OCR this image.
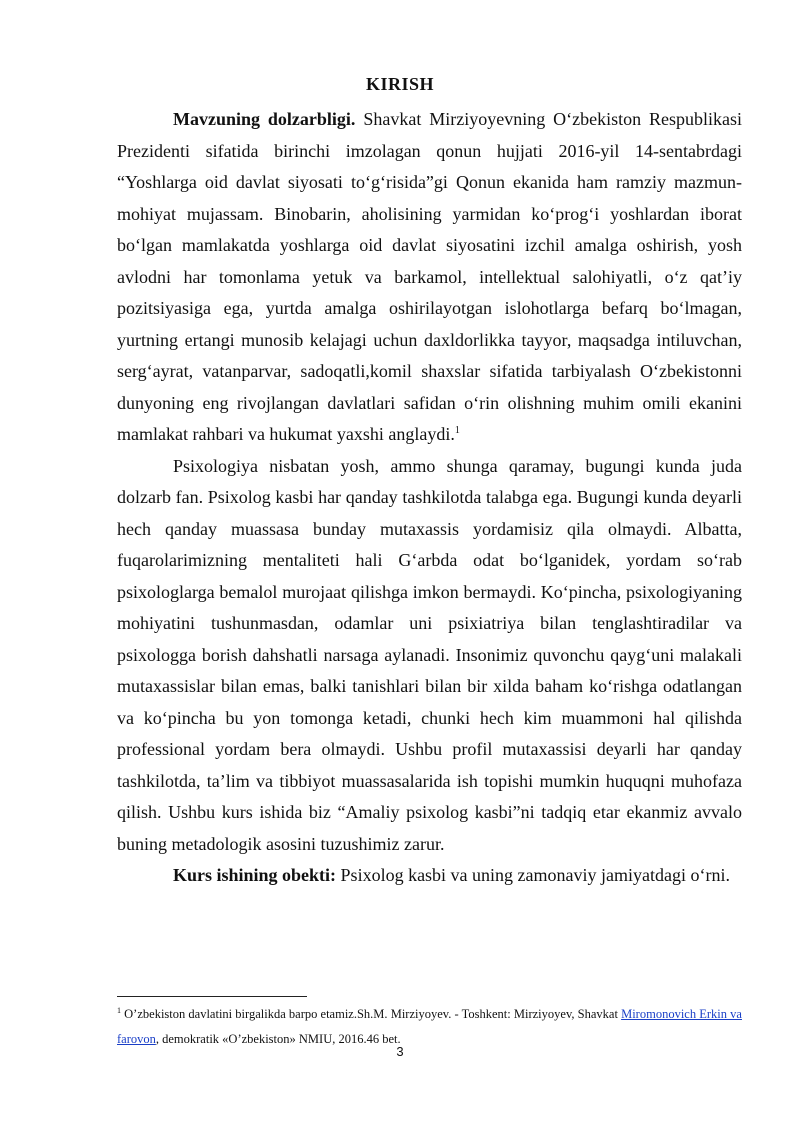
KIRISH

Mavzuning dolzarbligi. Shavkat Mirziyoyevning O‘zbekiston Respublikasi Prezidenti sifatida birinchi imzolagan qonun hujjati 2016-yil 14-sentabrdagi “Yoshlarga oid davlat siyosati to‘g‘risida”gi Qonun ekanida ham ramziy mazmun-mohiyat mujassam. Binobarin, aholisining yarmidan ko‘prog‘i yoshlardan iborat bo‘lgan mamlakatda yoshlarga oid davlat siyosatini izchil amalga oshirish, yosh avlodni har tomonlama yetuk va barkamol, intellektual salohiyatli, o‘z qat’iy pozitsiyasiga ega, yurtda amalga oshirilayotgan islohotlarga befarq bo‘lmagan, yurtning ertangi munosib kelajagi uchun daxldorlikka tayyor, maqsadga intiluvchan, serg‘ayrat, vatanparvar, sadoqatli,komil shaxslar sifatida tarbiyalash O‘zbekistonni dunyoning eng rivojlangan davlatlari safidan o‘rin olishning muhim omili ekanini mamlakat rahbari va hukumat yaxshi anglaydi.$^1$

Psixologiya nisbatan yosh, ammo shunga qaramay, bugungi kunda juda dolzarb fan. Psixolog kasbi har qanday tashkilotda talabga ega. Bugungi kunda deyarli hech qanday muassasa bunday mutaxassis yordamisiz qila olmaydi. Albatta, fuqarolarimizning mentaliteti hali G‘arbda odat bo‘lganidek, yordam so‘rab psixologlarga bemalol murojaat qilishga imkon bermaydi. Ko‘pincha, psixologiyaning mohiyatini tushunmasdan, odamlar uni psixiatriya bilan tenglashtiradilar va psixologga borish dahshatli narsaga aylanadi. Insonimiz quvonchu qayg‘uni malakali mutaxassislar bilan emas, balki tanishlari bilan bir xilda baham ko‘rishga odatlangan va ko‘pincha bu yon tomonga ketadi, chunki hech kim muammoni hal qilishda professional yordam bera olmaydi. Ushbu profil mutaxassisi deyarli har qanday tashkilotda, ta’lim va tibbiyot muassasalarida ish topishi mumkin huquqni muhofaza qilish. Ushbu kurs ishida biz “Amaliy psixolog kasbi”ni tadqiq etar ekanmiz avvalo buning metadologik asosini tuzushimiz zarur.

Kurs ishining obekti: Psixolog kasbi va uning zamonaviy jamiyatdagi o‘rni.

$^1$ O’zbekiston davlatini birgalikda barpo etamiz.Sh.M. Mirziyoyev. - Toshkent: Mirziyoyev, Shavkat Miromonovich Erkin va farovon, demokratik «O’zbekiston» NMIU, 2016.46 bet.
3
